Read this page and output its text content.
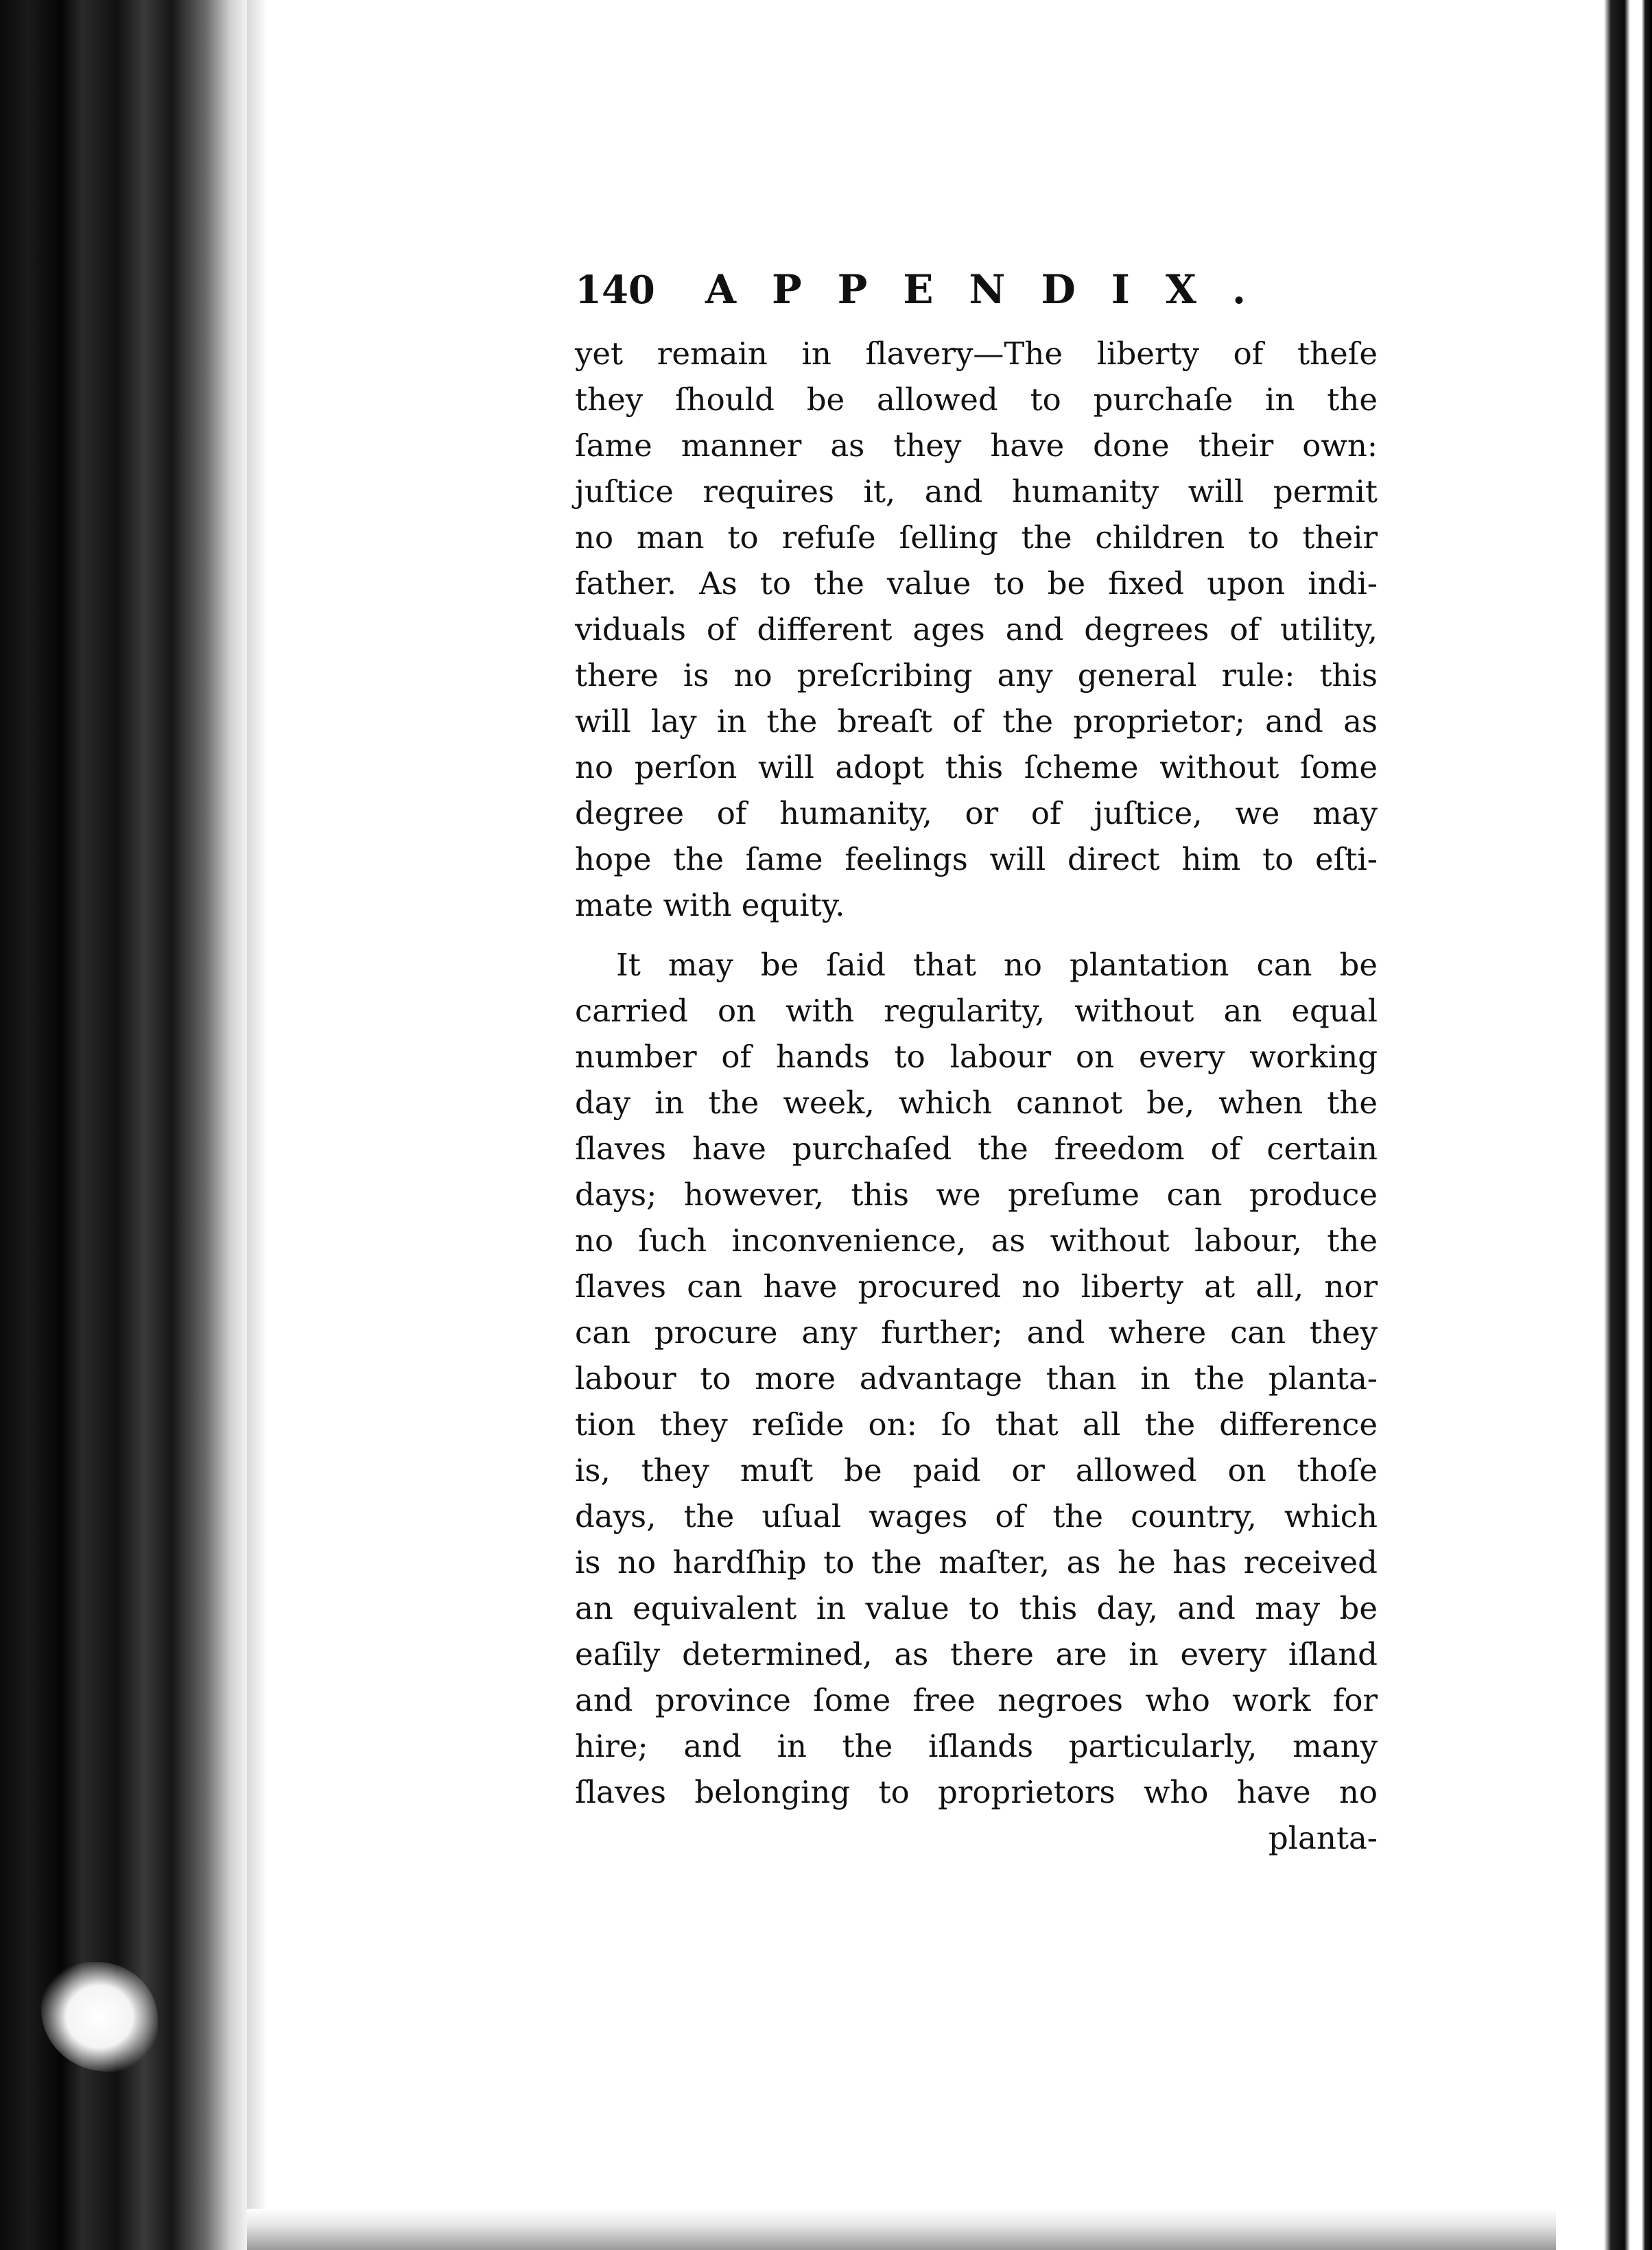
140	APPENDIX.
yet remain in ſlavery—The liberty of theſe
they ſhould be allowed to purchaſe in the
ſame manner as they have done their own:
juſtice requires it, and humanity will permit
no man to refuſe ſelling the children to their
father. As to the value to be fixed upon indi-
viduals of different ages and degrees of utility,
there is no preſcribing any general rule: this
will lay in the breaſt of the proprietor; and as
no perſon will adopt this ſcheme without ſome
degree of humanity, or of juſtice, we may
hope the ſame feelings will direct him to eſti-
mate with equity.
It may be ſaid that no plantation can be
carried on with regularity, without an equal
number of hands to labour on every working
day in the week, which cannot be, when the
ſlaves have purchaſed the freedom of certain
days; however, this we preſume can produce
no ſuch inconvenience, as without labour, the
ſlaves can have procured no liberty at all, nor
can procure any further; and where can they
labour to more advantage than in the planta-
tion they reſide on: ſo that all the difference
is, they muſt be paid or allowed on thoſe
days, the uſual wages of the country, which
is no hardſhip to the maſter, as he has received
an equivalent in value to this day, and may be
eaſily determined, as there are in every iſland
and province ſome free negroes who work for
hire; and in the iſlands particularly, many
ſlaves belonging to proprietors who have no
planta-
